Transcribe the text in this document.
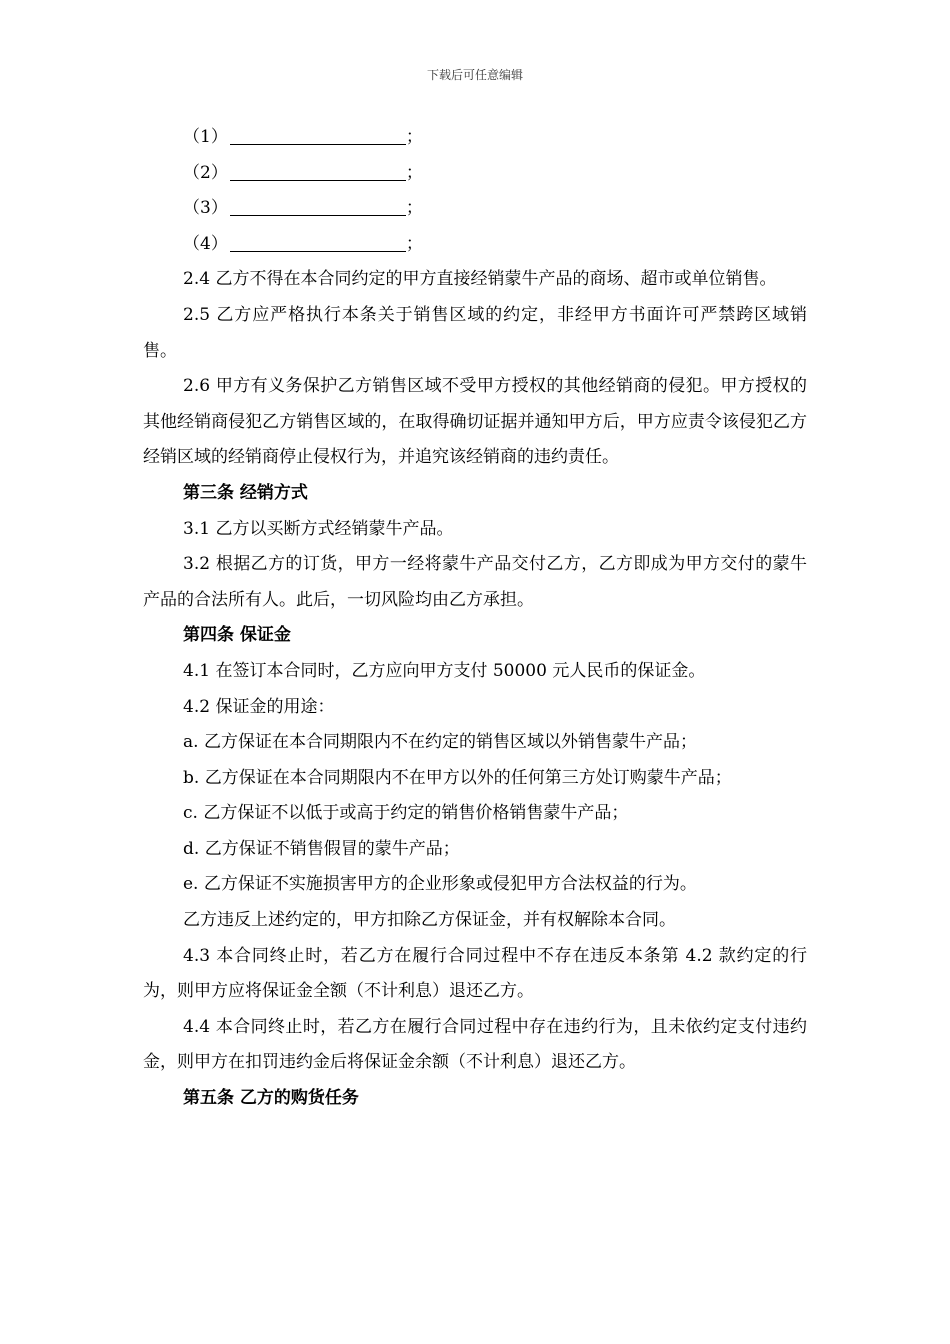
下载后可任意编辑

（1）	；

（2）	；

（3）	；

（4）	；

2.4 乙方不得在本合同约定的甲方直接经销蒙牛产品的商场、超市或单位销售。

2.5 乙方应严格执行本条关于销售区域的约定，非经甲方书面许可严禁跨区域销售。

2.6 甲方有义务保护乙方销售区域不受甲方授权的其他经销商的侵犯。甲方授权的其他经销商侵犯乙方销售区域的，在取得确切证据并通知甲方后，甲方应责令该侵犯乙方经销区域的经销商停止侵权行为，并追究该经销商的违约责任。

第三条 经销方式

3.1 乙方以买断方式经销蒙牛产品。

3.2 根据乙方的订货，甲方一经将蒙牛产品交付乙方，乙方即成为甲方交付的蒙牛产品的合法所有人。此后，一切风险均由乙方承担。

第四条 保证金

4.1 在签订本合同时，乙方应向甲方支付 50000 元人民币的保证金。

4.2 保证金的用途：

a. 乙方保证在本合同期限内不在约定的销售区域以外销售蒙牛产品；

b. 乙方保证在本合同期限内不在甲方以外的任何第三方处订购蒙牛产品；

c. 乙方保证不以低于或高于约定的销售价格销售蒙牛产品；

d. 乙方保证不销售假冒的蒙牛产品；

e. 乙方保证不实施损害甲方的企业形象或侵犯甲方合法权益的行为。

乙方违反上述约定的，甲方扣除乙方保证金，并有权解除本合同。

4.3 本合同终止时，若乙方在履行合同过程中不存在违反本条第 4.2 款约定的行为，则甲方应将保证金全额（不计利息）退还乙方。

4.4 本合同终止时，若乙方在履行合同过程中存在违约行为，且未依约定支付违约金，则甲方在扣罚违约金后将保证金余额（不计利息）退还乙方。

第五条 乙方的购货任务
